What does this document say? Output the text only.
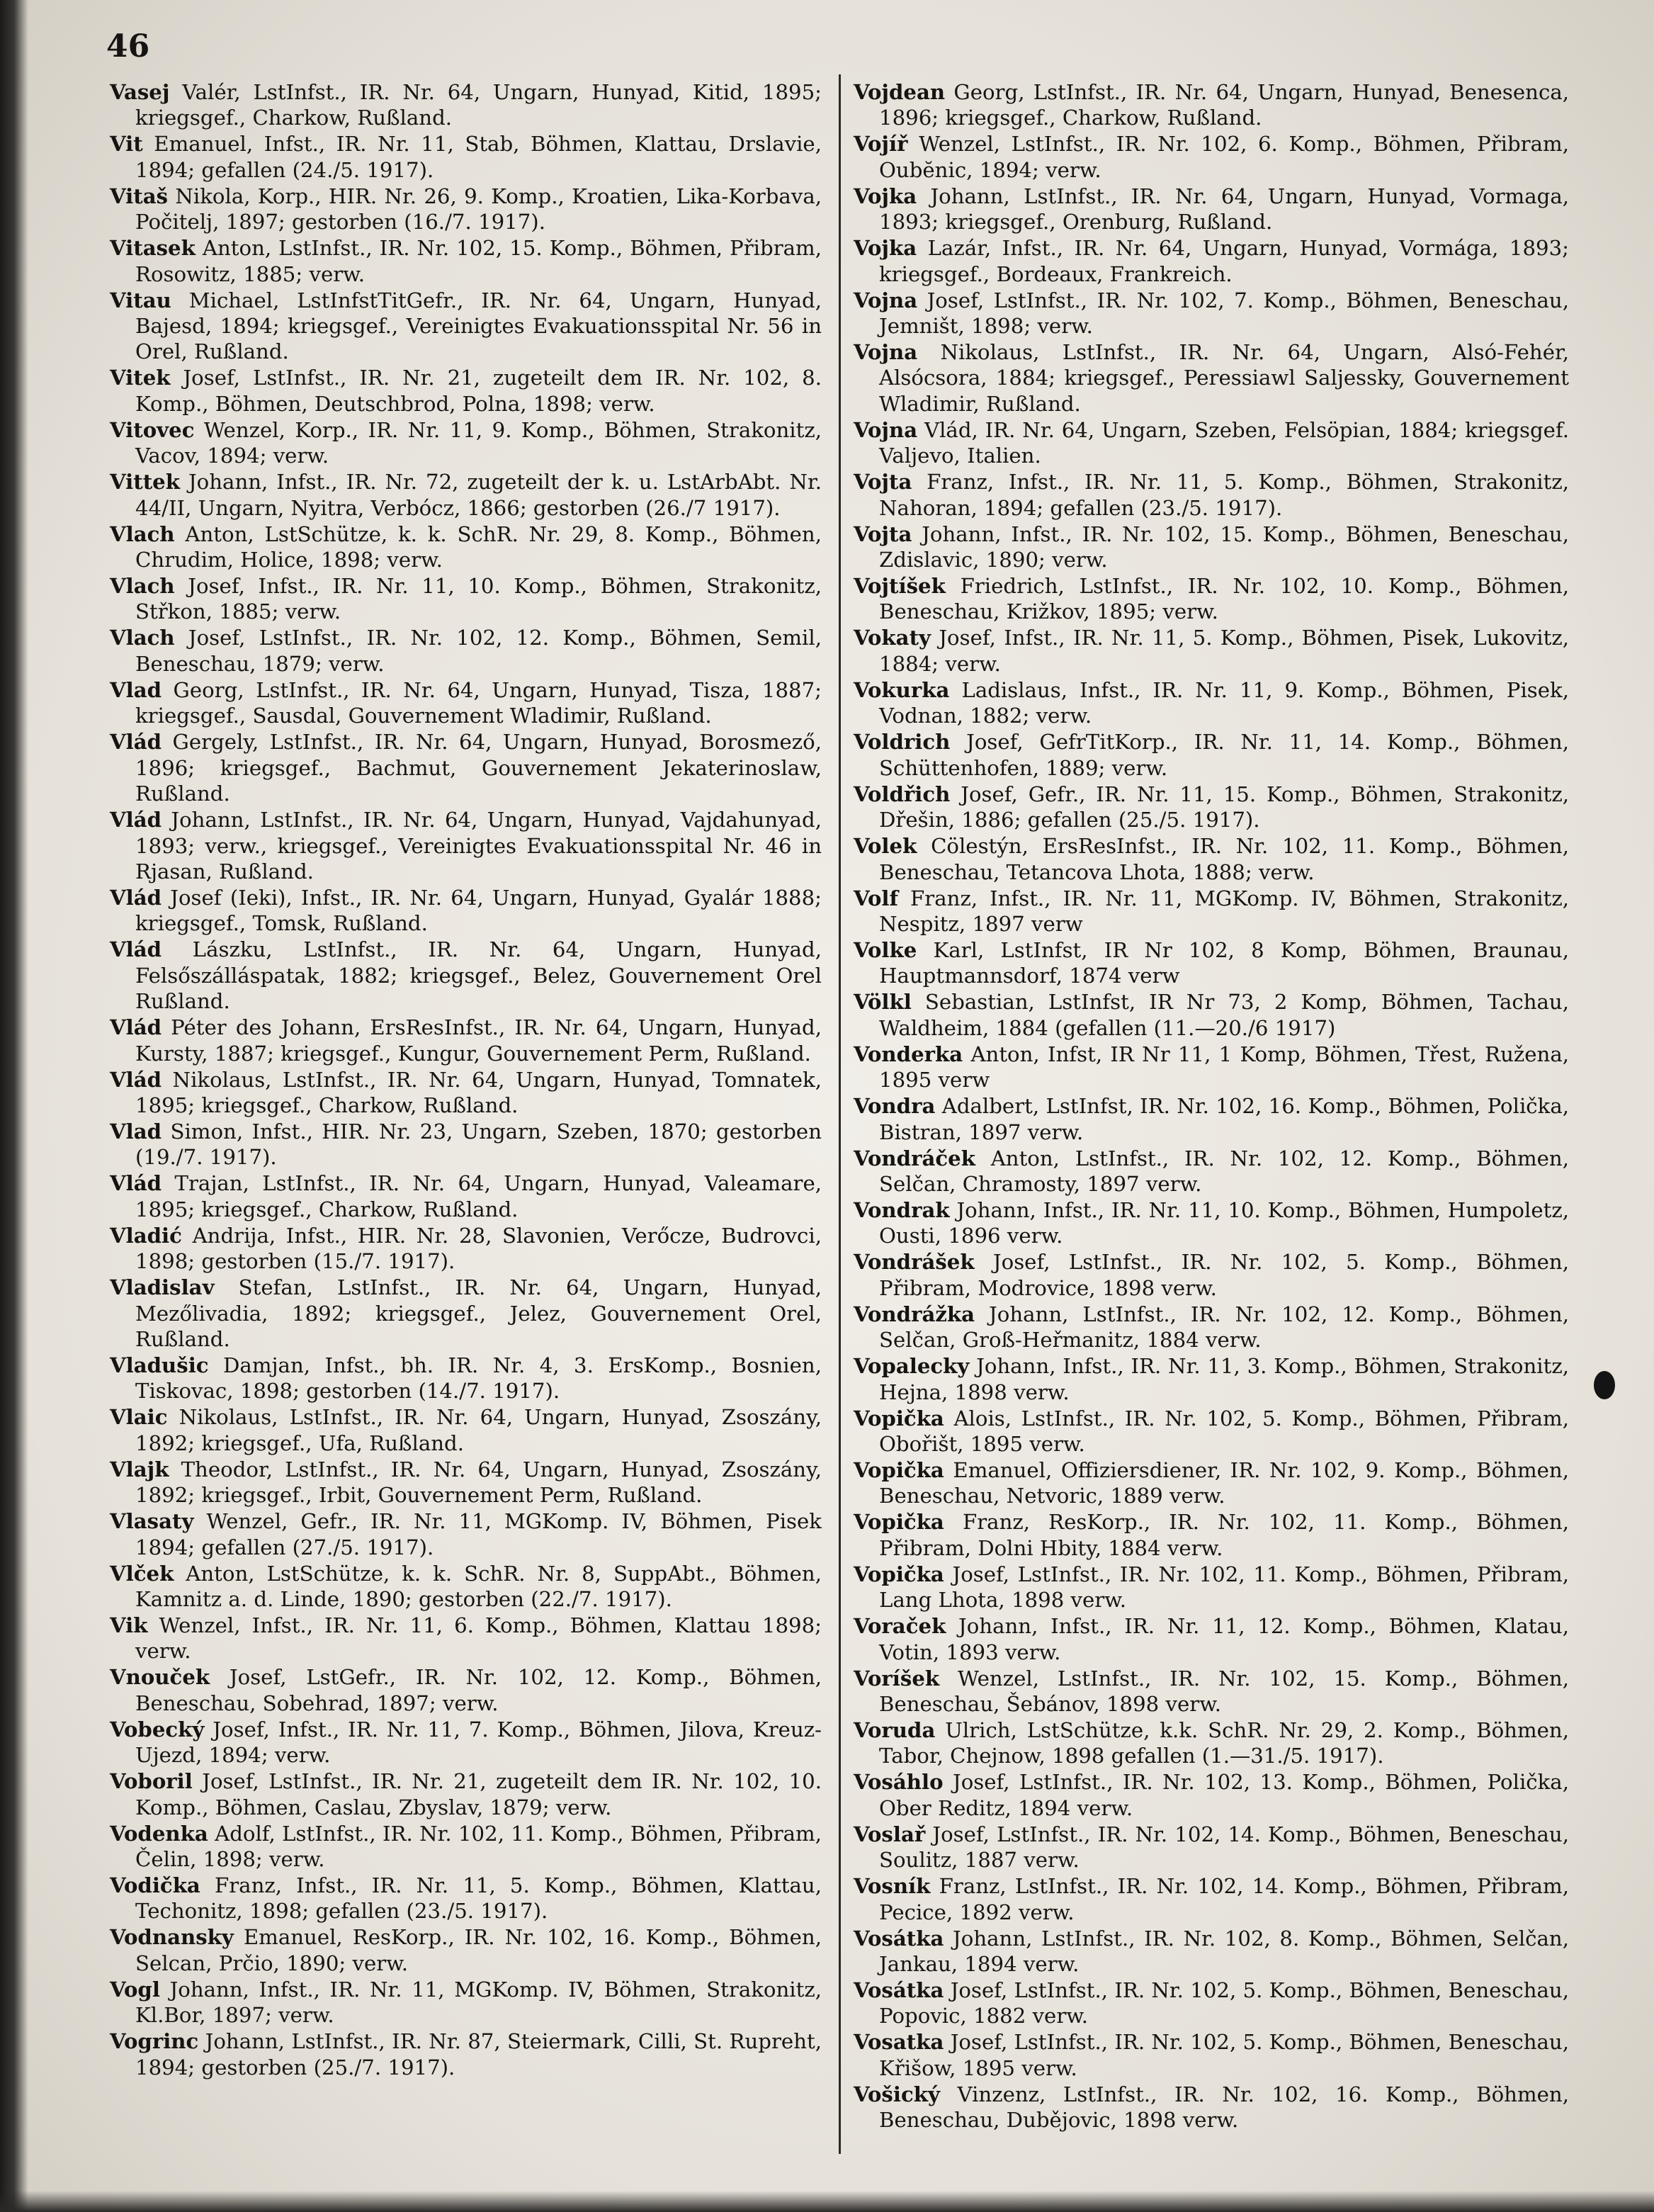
46

Vasej Valér, LstInfst., IR. Nr. 64, Ungarn, Hunyad, Kitid, 1895; kriegsgef., Charkow, Rußland.

Vit Emanuel, Infst., IR. Nr. 11, Stab, Böhmen, Klattau, Drslavie, 1894; gefallen (24./5. 1917).

Vitaš Nikola, Korp., HIR. Nr. 26, 9. Komp., Kroatien, Lika-Korbava, Počitelj, 1897; gestorben (16./7. 1917).

Vitasek Anton, LstInfst., IR. Nr. 102, 15. Komp., Böhmen, Přibram, Rosowitz, 1885; verw.

Vitau Michael, LstInfstTitGefr., IR. Nr. 64, Ungarn, Hunyad, Bajesd, 1894; kriegsgef., Vereinigtes Evakuationsspital Nr. 56 in Orel, Rußland.

Vitek Josef, LstInfst., IR. Nr. 21, zugeteilt dem IR. Nr. 102, 8. Komp., Böhmen, Deutschbrod, Polna, 1898; verw.

Vitovec Wenzel, Korp., IR. Nr. 11, 9. Komp., Böhmen, Strakonitz, Vacov, 1894; verw.

Vittek Johann, Infst., IR. Nr. 72, zugeteilt der k. u. LstArbAbt. Nr. 44/II, Ungarn, Nyitra, Verbócz, 1866; gestorben (26./7 1917).

Vlach Anton, LstSchütze, k. k. SchR. Nr. 29, 8. Komp., Böhmen, Chrudim, Holice, 1898; verw.

Vlach Josef, Infst., IR. Nr. 11, 10. Komp., Böhmen, Strakonitz, Střkon, 1885; verw.

Vlach Josef, LstInfst., IR. Nr. 102, 12. Komp., Böhmen, Semil, Beneschau, 1879; verw.

Vlad Georg, LstInfst., IR. Nr. 64, Ungarn, Hunyad, Tisza, 1887; kriegsgef., Sausdal, Gouvernement Wladimir, Rußland.

Vlád Gergely, LstInfst., IR. Nr. 64, Ungarn, Hunyad, Borosmező, 1896; kriegsgef., Bachmut, Gouvernement Jekaterinoslaw, Rußland.

Vlád Johann, LstInfst., IR. Nr. 64, Ungarn, Hunyad, Vajdahunyad, 1893; verw., kriegsgef., Vereinigtes Evakuationsspital Nr. 46 in Rjasan, Rußland.

Vlád Josef (Ieki), Infst., IR. Nr. 64, Ungarn, Hunyad, Gyalár 1888; kriegsgef., Tomsk, Rußland.

Vlád Lászku, LstInfst., IR. Nr. 64, Ungarn, Hunyad, Felsőszálláspatak, 1882; kriegsgef., Belez, Gouvernement Orel Rußland.

Vlád Péter des Johann, ErsResInfst., IR. Nr. 64, Ungarn, Hunyad, Kursty, 1887; kriegsgef., Kungur, Gouvernement Perm, Rußland.

Vlád Nikolaus, LstInfst., IR. Nr. 64, Ungarn, Hunyad, Tomnatek, 1895; kriegsgef., Charkow, Rußland.

Vlad Simon, Infst., HIR. Nr. 23, Ungarn, Szeben, 1870; gestorben (19./7. 1917).

Vlád Trajan, LstInfst., IR. Nr. 64, Ungarn, Hunyad, Valeamare, 1895; kriegsgef., Charkow, Rußland.

Vladić Andrija, Infst., HIR. Nr. 28, Slavonien, Verőcze, Budrovci, 1898; gestorben (15./7. 1917).

Vladislav Stefan, LstInfst., IR. Nr. 64, Ungarn, Hunyad, Mezőlivadia, 1892; kriegsgef., Jelez, Gouvernement Orel, Rußland.

Vladušic Damjan, Infst., bh. IR. Nr. 4, 3. ErsKomp., Bosnien, Tiskovac, 1898; gestorben (14./7. 1917).

Vlaic Nikolaus, LstInfst., IR. Nr. 64, Ungarn, Hunyad, Zsoszány, 1892; kriegsgef., Ufa, Rußland.

Vlajk Theodor, LstInfst., IR. Nr. 64, Ungarn, Hunyad, Zsoszány, 1892; kriegsgef., Irbit, Gouvernement Perm, Rußland.

Vlasaty Wenzel, Gefr., IR. Nr. 11, MGKomp. IV, Böhmen, Pisek 1894; gefallen (27./5. 1917).

Vlček Anton, LstSchütze, k. k. SchR. Nr. 8, SuppAbt., Böhmen, Kamnitz a. d. Linde, 1890; gestorben (22./7. 1917).

Vik Wenzel, Infst., IR. Nr. 11, 6. Komp., Böhmen, Klattau 1898; verw.

Vnouček Josef, LstGefr., IR. Nr. 102, 12. Komp., Böhmen, Beneschau, Sobehrad, 1897; verw.

Vobecký Josef, Infst., IR. Nr. 11, 7. Komp., Böhmen, Jilova, Kreuz-Ujezd, 1894; verw.

Voboril Josef, LstInfst., IR. Nr. 21, zugeteilt dem IR. Nr. 102, 10. Komp., Böhmen, Caslau, Zbyslav, 1879; verw.

Vodenka Adolf, LstInfst., IR. Nr. 102, 11. Komp., Böhmen, Přibram, Čelin, 1898; verw.

Vodička Franz, Infst., IR. Nr. 11, 5. Komp., Böhmen, Klattau, Techonitz, 1898; gefallen (23./5. 1917).

Vodnansky Emanuel, ResKorp., IR. Nr. 102, 16. Komp., Böhmen, Selcan, Prčio, 1890; verw.

Vogl Johann, Infst., IR. Nr. 11, MGKomp. IV, Böhmen, Strakonitz, Kl.Bor, 1897; verw.

Vogrinc Johann, LstInfst., IR. Nr. 87, Steiermark, Cilli, St. Rupreht, 1894; gestorben (25./7. 1917).

Vojdean Georg, LstInfst., IR. Nr. 64, Ungarn, Hunyad, Benesenca, 1896; kriegsgef., Charkow, Rußland.

Vojíř Wenzel, LstInfst., IR. Nr. 102, 6. Komp., Böhmen, Přibram, Oubĕnic, 1894; verw.

Vojka Johann, LstInfst., IR. Nr. 64, Ungarn, Hunyad, Vormaga, 1893; kriegsgef., Orenburg, Rußland.

Vojka Lazár, Infst., IR. Nr. 64, Ungarn, Hunyad, Vormága, 1893; kriegsgef., Bordeaux, Frankreich.

Vojna Josef, LstInfst., IR. Nr. 102, 7. Komp., Böhmen, Beneschau, Jemništ, 1898; verw.

Vojna Nikolaus, LstInfst., IR. Nr. 64, Ungarn, Alsó-Fehér, Alsócsora, 1884; kriegsgef., Peressiawl Saljessky, Gouvernement Wladimir, Rußland.

Vojna Vlád, IR. Nr. 64, Ungarn, Szeben, Felsöpian, 1884; kriegsgef. Valjevo, Italien.

Vojta Franz, Infst., IR. Nr. 11, 5. Komp., Böhmen, Strakonitz, Nahoran, 1894; gefallen (23./5. 1917).

Vojta Johann, Infst., IR. Nr. 102, 15. Komp., Böhmen, Beneschau, Zdislavic, 1890; verw.

Vojtíšek Friedrich, LstInfst., IR. Nr. 102, 10. Komp., Böhmen, Beneschau, Križkov, 1895; verw.

Vokaty Josef, Infst., IR. Nr. 11, 5. Komp., Böhmen, Pisek, Lukovitz, 1884; verw.

Vokurka Ladislaus, Infst., IR. Nr. 11, 9. Komp., Böhmen, Pisek, Vodnan, 1882; verw.

Voldrich Josef, GefrTitKorp., IR. Nr. 11, 14. Komp., Böhmen, Schüttenhofen, 1889; verw.

Voldřich Josef, Gefr., IR. Nr. 11, 15. Komp., Böhmen, Strakonitz, Dřešin, 1886; gefallen (25./5. 1917).

Volek Cölestýn, ErsResInfst., IR. Nr. 102, 11. Komp., Böhmen, Beneschau, Tetancova Lhota, 1888; verw.

Volf Franz, Infst., IR. Nr. 11, MGKomp. IV, Böhmen, Strakonitz, Nespitz, 1897 verw

Volke Karl, LstInfst, IR Nr 102, 8 Komp, Böhmen, Braunau, Hauptmannsdorf, 1874 verw

Völkl Sebastian, LstInfst, IR Nr 73, 2 Komp, Böhmen, Tachau, Waldheim, 1884 (gefallen (11.—20./6 1917)

Vonderka Anton, Infst, IR Nr 11, 1 Komp, Böhmen, Třest, Ružena, 1895 verw

Vondra Adalbert, LstInfst, IR. Nr. 102, 16. Komp., Böhmen, Polička, Bistran, 1897 verw.

Vondráček Anton, LstInfst., IR. Nr. 102, 12. Komp., Böhmen, Selčan, Chramosty, 1897 verw.

Vondrak Johann, Infst., IR. Nr. 11, 10. Komp., Böhmen, Humpoletz, Ousti, 1896 verw.

Vondrášek Josef, LstInfst., IR. Nr. 102, 5. Komp., Böhmen, Přibram, Modrovice, 1898 verw.

Vondrážka Johann, LstInfst., IR. Nr. 102, 12. Komp., Böhmen, Selčan, Groß-Heřmanitz, 1884 verw.

Vopalecky Johann, Infst., IR. Nr. 11, 3. Komp., Böhmen, Strakonitz, Hejna, 1898 verw.

Vopička Alois, LstInfst., IR. Nr. 102, 5. Komp., Böhmen, Přibram, Obořišt, 1895 verw.

Vopička Emanuel, Offiziersdiener, IR. Nr. 102, 9. Komp., Böhmen, Beneschau, Netvoric, 1889 verw.

Vopička Franz, ResKorp., IR. Nr. 102, 11. Komp., Böhmen, Přibram, Dolni Hbity, 1884 verw.

Vopička Josef, LstInfst., IR. Nr. 102, 11. Komp., Böhmen, Přibram, Lang Lhota, 1898 verw.

Voraček Johann, Infst., IR. Nr. 11, 12. Komp., Böhmen, Klatau, Votin, 1893 verw.

Voríšek Wenzel, LstInfst., IR. Nr. 102, 15. Komp., Böhmen, Beneschau, Šebánov, 1898 verw.

Voruda Ulrich, LstSchütze, k.k. SchR. Nr. 29, 2. Komp., Böhmen, Tabor, Chejnow, 1898 gefallen (1.—31./5. 1917).

Vosáhlo Josef, LstInfst., IR. Nr. 102, 13. Komp., Böhmen, Polička, Ober Reditz, 1894 verw.

Voslař Josef, LstInfst., IR. Nr. 102, 14. Komp., Böhmen, Beneschau, Soulitz, 1887 verw.

Vosník Franz, LstInfst., IR. Nr. 102, 14. Komp., Böhmen, Přibram, Pecice, 1892 verw.

Vosátka Johann, LstInfst., IR. Nr. 102, 8. Komp., Böhmen, Selčan, Jankau, 1894 verw.

Vosátka Josef, LstInfst., IR. Nr. 102, 5. Komp., Böhmen, Beneschau, Popovic, 1882 verw.

Vosatka Josef, LstInfst., IR. Nr. 102, 5. Komp., Böhmen, Beneschau, Křišow, 1895 verw.

Vošický Vinzenz, LstInfst., IR. Nr. 102, 16. Komp., Böhmen, Beneschau, Dubějovic, 1898 verw.
